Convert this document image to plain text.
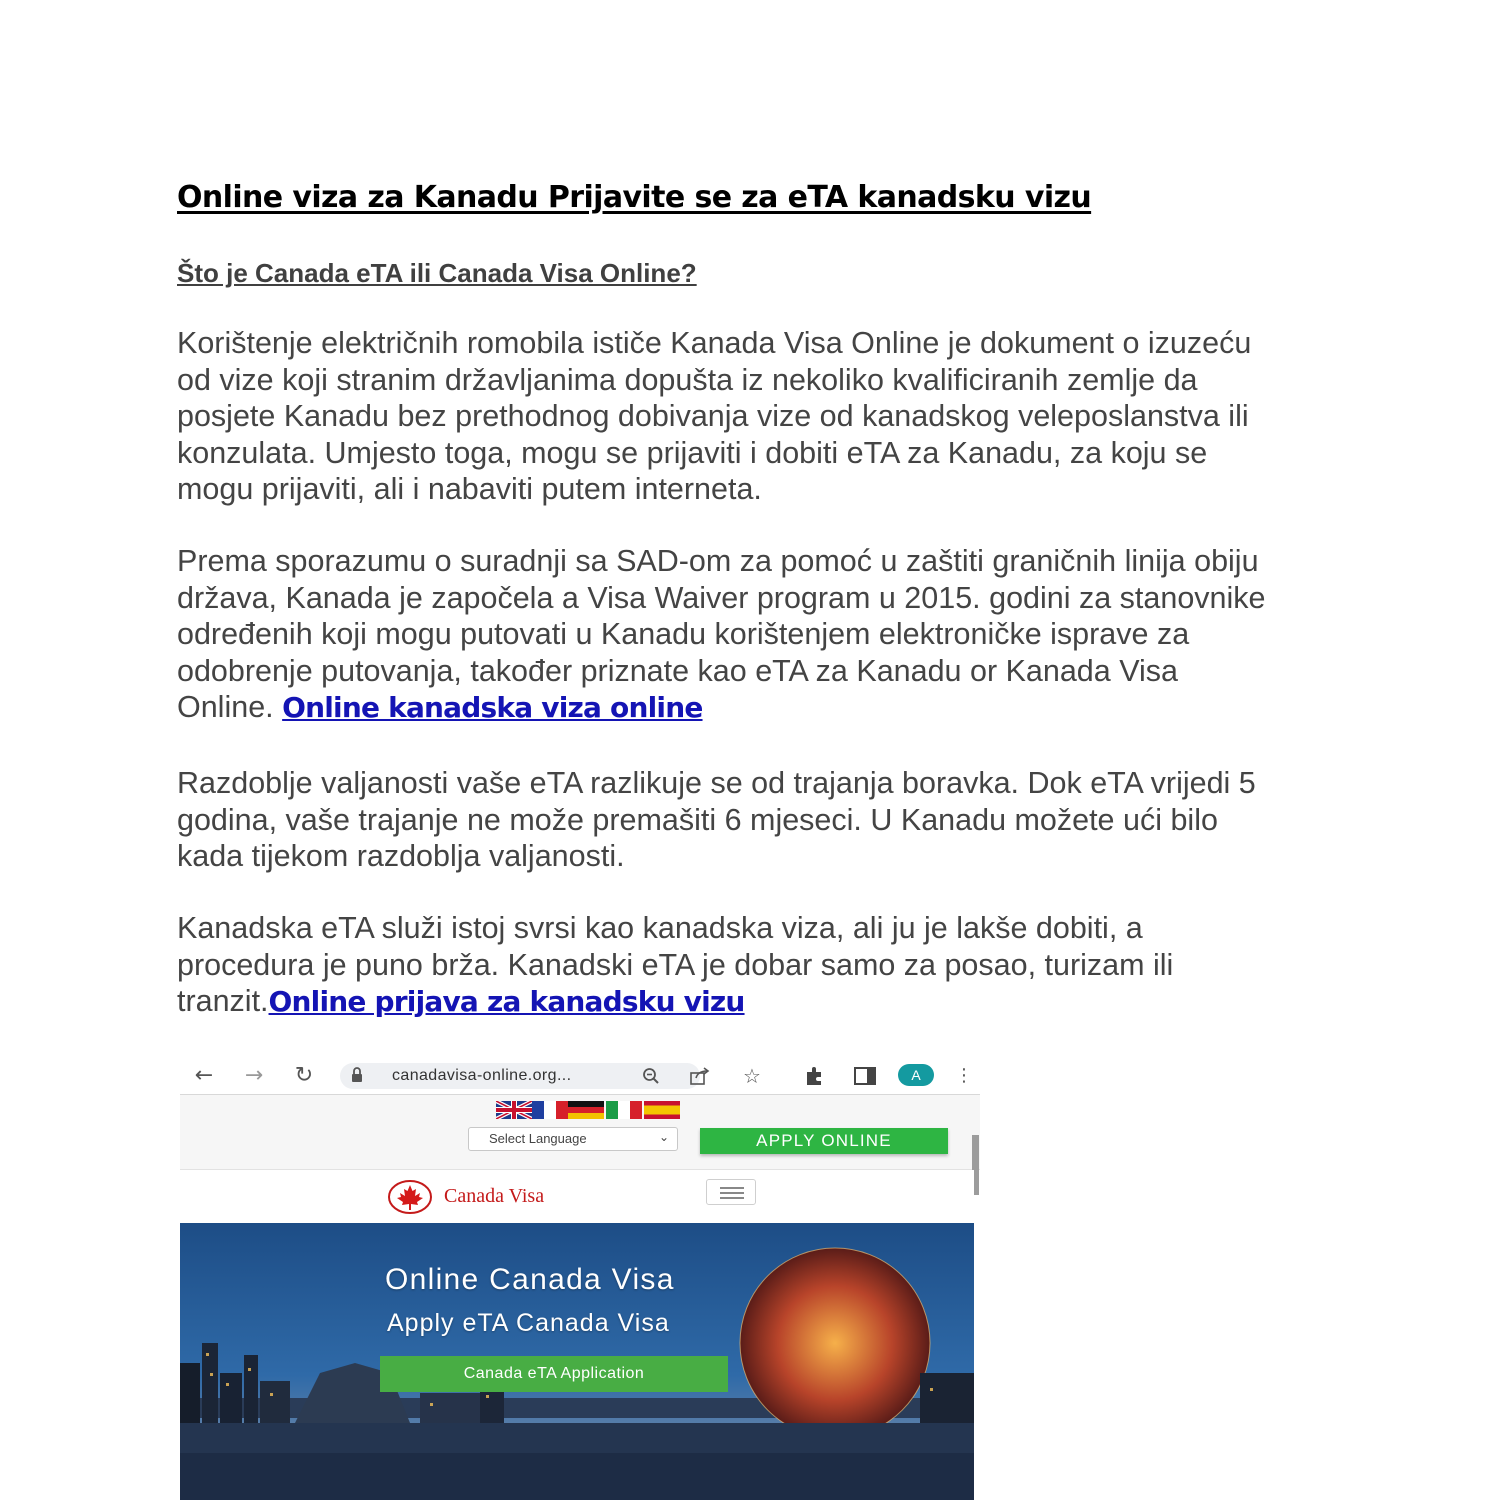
Online viza za Kanadu Prijavite se za eTA kanadsku vizu
Što je Canada eTA ili Canada Visa Online?

Korištenje električnih romobila ističe Kanada Visa Online je dokument o izuzeću
od vize koji stranim državljanima dopušta iz nekoliko kvalificiranih zemlje da
posjete Kanadu bez prethodnog dobivanja vize od kanadskog veleposlanstva ili
konzulata. Umjesto toga, mogu se prijaviti i dobiti eTA za Kanadu, za koju se
mogu prijaviti, ali i nabaviti putem interneta.

Prema sporazumu o suradnji sa SAD-om za pomoć u zaštiti graničnih linija obiju
država, Kanada je započela a Visa Waiver program u 2015. godini za stanovnike
određenih koji mogu putovati u Kanadu korištenjem elektroničke isprave za
odobrenje putovanja, također priznate kao eTA za Kanadu or Kanada Visa
Online. Online kanadska viza online

Razdoblje valjanosti vaše eTA razlikuje se od trajanja boravka. Dok eTA vrijedi 5
godina, vaše trajanje ne može premašiti 6 mjeseci. U Kanadu možete ući bilo
kada tijekom razdoblja valjanosti.

Kanadska eTA služi istoj svrsi kao kanadska viza, ali ju je lakše dobiti, a
procedura je puno brža. Kanadski eTA je dobar samo za posao, turizam ili
tranzit.Online prijava za kanadsku vizu

← → ↻	canadavisa-online.org...	☆	A	⋮
Select Language	⌄	APPLY ONLINE
Canada Visa
Online Canada Visa
Apply eTA Canada Visa
Canada eTA Application
